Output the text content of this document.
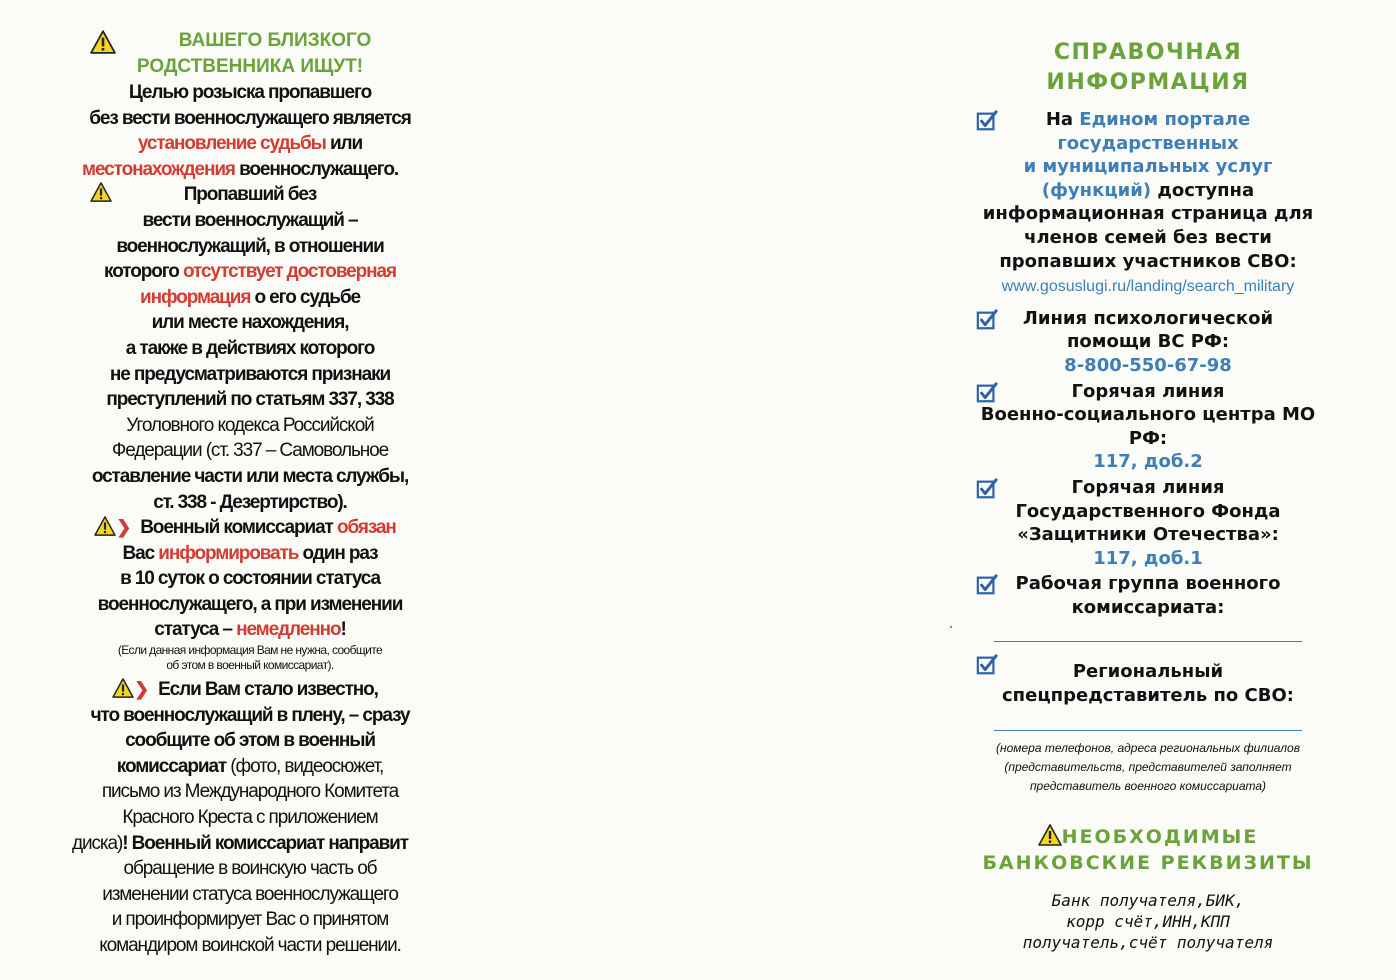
ВАШЕГО БЛИЗКОГО
РОДСТВЕННИКА ИЩУТ!
Целью розыска пропавшего
без вести военнослужащего является
установление судьбы или
местонахождения военнослужащего.
Пропавший без
вести военнослужащий –
военнослужащий, в отношении
которого отсутствует достоверная
информация о его судьбе
или месте нахождения,
а также в действиях которого
не предусматриваются признаки
преступлений по статьям 337, 338
Уголовного кодекса Российской
Федерации (ст. 337 – Самовольное
оставление части или места службы,
ст. 338 - Дезертирство).
❯ Военный комиссариат обязан
Вас информировать один раз
в 10 суток о состоянии статуса
военнослужащего, а при изменении
статуса – немедленно!
(Если данная информация Вам не нужна, сообщите
об этом в военный комиссариат).
❯ Если Вам стало известно,
что военнослужащий в плену, – сразу
сообщите об этом в военный
комиссариат (фото, видеосюжет,
письмо из Международного Комитета
Красного Креста с приложением
диска)! Военный комиссариат направит
обращение в воинскую часть об
изменении статуса военнослужащего
и проинформирует Вас о принятом
командиром воинской части решении.
СПРАВОЧНАЯ
ИНФОРМАЦИЯ
На Едином портале
государственных
и муниципальных услуг
(функций) доступна
информационная страница для
членов семей без вести
пропавших участников СВО:
www.gosuslugi.ru/landing/search_military
Линия психологической
помощи ВС РФ:
8-800-550-67-98
Горячая линия
Военно-социального центра МО РФ:
117, доб.2
Горячая линия
Государственного Фонда
«Защитники Отечества»:
117, доб.1
Рабочая группа военного
комиссариата:
Региональный
спецпредставитель по СВО:
(номера телефонов, адреса региональных филиалов
(представительств, представителей заполняет
представитель военного комиссариата)
НЕОБХОДИМЫЕ
БАНКОВСКИЕ РЕКВИЗИТЫ
Банк получателя,БИК,
корр счёт,ИНН,КПП
получатель,счёт получателя
